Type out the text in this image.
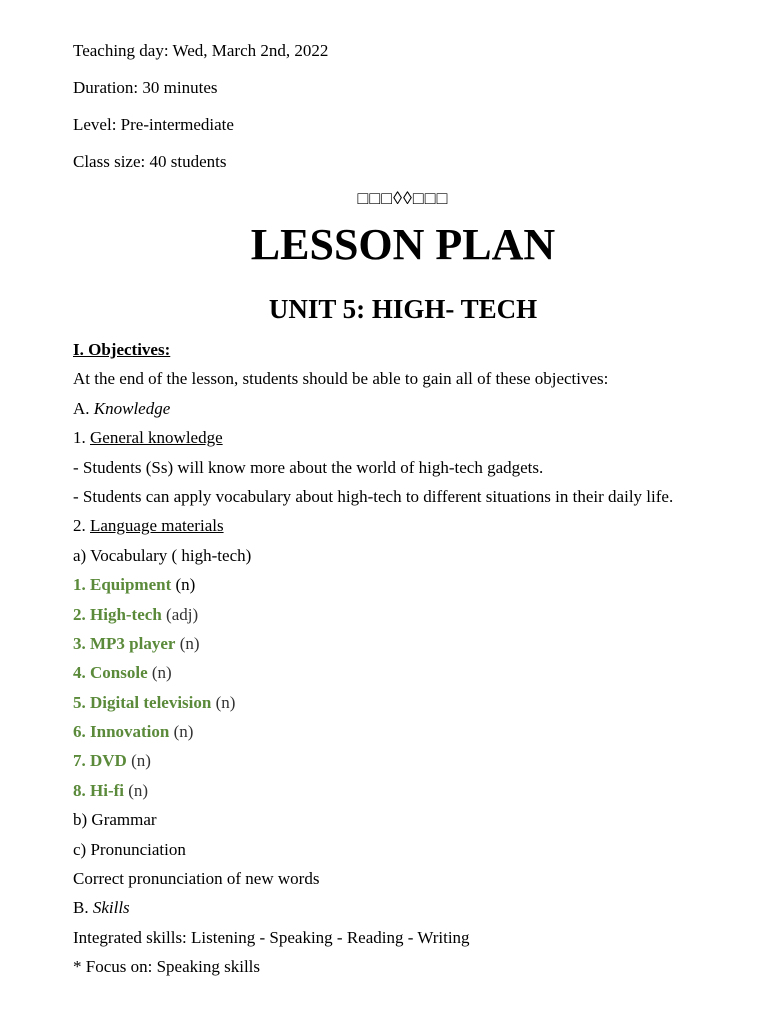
Teaching day: Wed, March 2nd, 2022
Duration: 30 minutes
Level: Pre-intermediate
Class size: 40 students
□□□◊◊□□□
LESSON PLAN
UNIT 5: HIGH- TECH
I. Objectives:
At the end of the lesson, students should be able to gain all of these objectives:
A. Knowledge
1. General knowledge
- Students (Ss) will know more about the world of high-tech gadgets.
- Students can apply vocabulary about high-tech to different situations in their daily life.
2. Language materials
a) Vocabulary ( high-tech)
1. Equipment (n)
2. High-tech (adj)
3. MP3 player (n)
4. Console (n)
5. Digital television (n)
6. Innovation (n)
7. DVD (n)
8. Hi-fi (n)
b) Grammar
c) Pronunciation
Correct pronunciation of new words
B. Skills
Integrated skills: Listening - Speaking - Reading - Writing
* Focus on: Speaking skills
